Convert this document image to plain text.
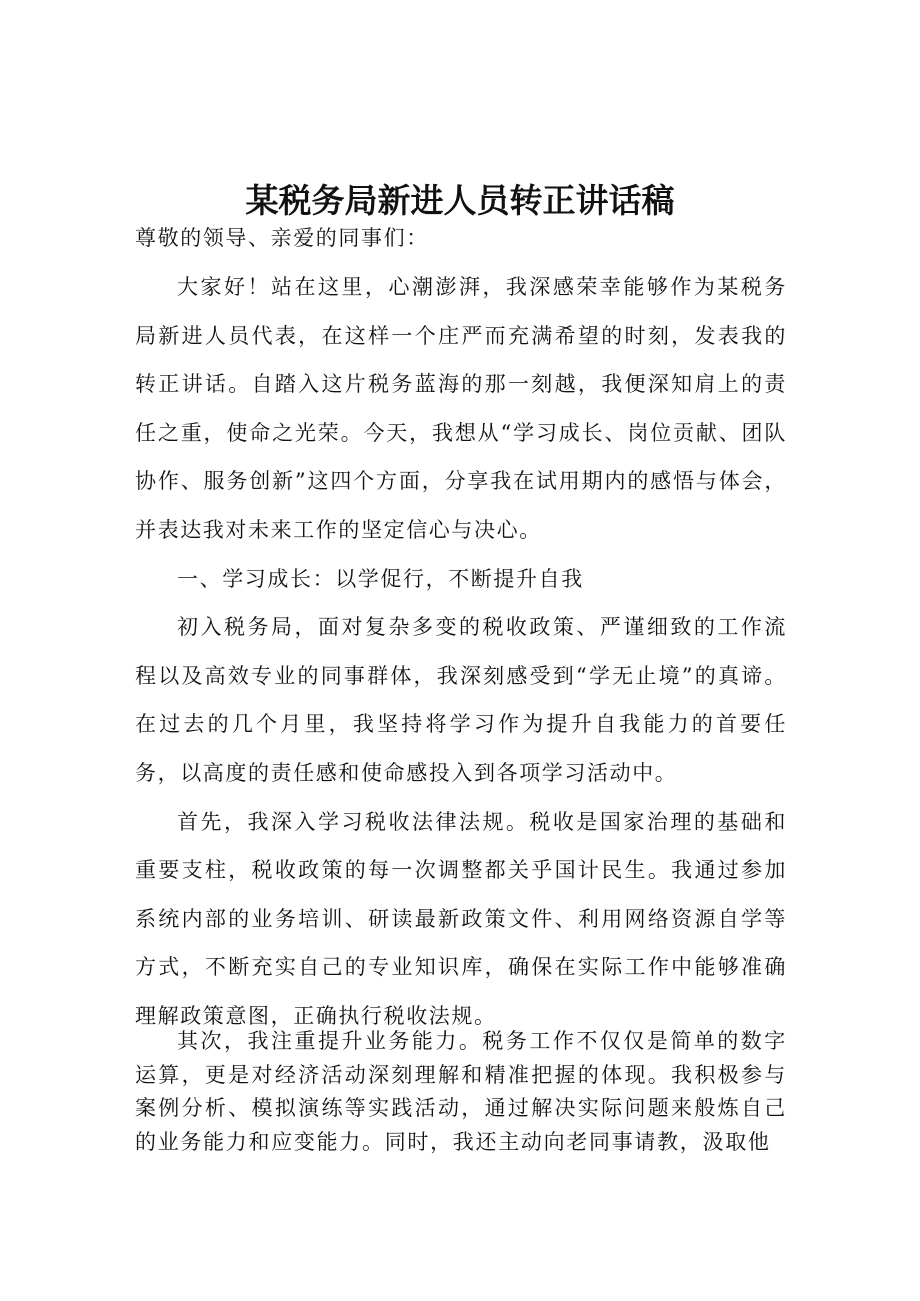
某税务局新进人员转正讲话稿
尊敬的领导、亲爱的同事们：

大家好！站在这里，心潮澎湃，我深感荣幸能够作为某税务局新进人员代表，在这样一个庄严而充满希望的时刻，发表我的转正讲话。自踏入这片税务蓝海的那一刻越，我便深知肩上的责任之重，使命之光荣。今天，我想从“学习成长、岗位贡献、团队协作、服务创新”这四个方面，分享我在试用期内的感悟与体会，并表达我对未来工作的坚定信心与决心。

一、学习成长：以学促行，不断提升自我

初入税务局，面对复杂多变的税收政策、严谨细致的工作流程以及高效专业的同事群体，我深刻感受到“学无止境”的真谛。在过去的几个月里，我坚持将学习作为提升自我能力的首要任务，以高度的责任感和使命感投入到各项学习活动中。

首先，我深入学习税收法律法规。税收是国家治理的基础和重要支柱，税收政策的每一次调整都关乎国计民生。我通过参加系统内部的业务培训、研读最新政策文件、利用网络资源自学等方式，不断充实自己的专业知识库，确保在实际工作中能够准确理解政策意图，正确执行税收法规。

其次，我注重提升业务能力。税务工作不仅仅是简单的数字运算，更是对经济活动深刻理解和精准把握的体现。我积极参与案例分析、模拟演练等实践活动，通过解决实际问题来般炼自己的业务能力和应变能力。同时，我还主动向老同事请教，汲取他
